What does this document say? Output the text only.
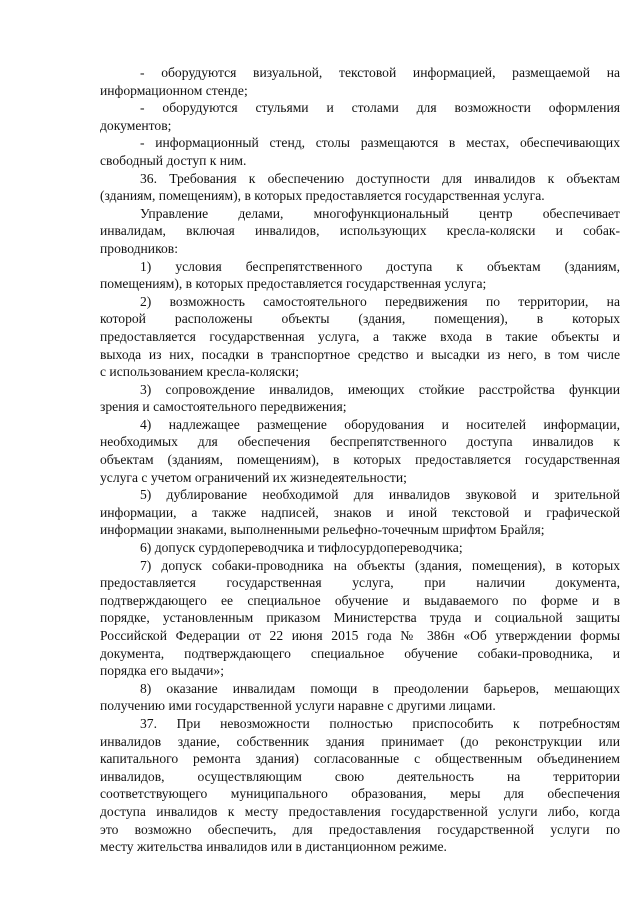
- оборудуются визуальной, текстовой информацией, размещаемой на
информационном стенде;
- оборудуются стульями и столами для возможности оформления
документов;
- информационный стенд, столы размещаются в местах, обеспечивающих
свободный доступ к ним.
36. Требования к обеспечению доступности для инвалидов к объектам
(зданиям, помещениям), в которых предоставляется государственная услуга.
Управление делами, многофункциональный центр обеспечивает
инвалидам, включая инвалидов, использующих кресла-коляски и собак-
проводников:
1) условия беспрепятственного доступа к объектам (зданиям,
помещениям), в которых предоставляется государственная услуга;
2) возможность самостоятельного передвижения по территории, на
которой расположены объекты (здания, помещения), в которых
предоставляется государственная услуга, а также входа в такие объекты и
выхода из них, посадки в транспортное средство и высадки из него, в том числе
с использованием кресла-коляски;
3) сопровождение инвалидов, имеющих стойкие расстройства функции
зрения и самостоятельного передвижения;
4) надлежащее размещение оборудования и носителей информации,
необходимых для обеспечения беспрепятственного доступа инвалидов к
объектам (зданиям, помещениям), в которых предоставляется государственная
услуга с учетом ограничений их жизнедеятельности;
5) дублирование необходимой для инвалидов звуковой и зрительной
информации, а также надписей, знаков и иной текстовой и графической
информации знаками, выполненными рельефно-точечным шрифтом Брайля;
6) допуск сурдопереводчика и тифлосурдопереводчика;
7) допуск собаки-проводника на объекты (здания, помещения), в которых
предоставляется государственная услуга, при наличии документа,
подтверждающего ее специальное обучение и выдаваемого по форме и в
порядке, установленным приказом Министерства труда и социальной защиты
Российской Федерации от 22 июня 2015 года № 386н «Об утверждении формы
документа, подтверждающего специальное обучение собаки-проводника, и
порядка его выдачи»;
8) оказание инвалидам помощи в преодолении барьеров, мешающих
получению ими государственной услуги наравне с другими лицами.
37. При невозможности полностью приспособить к потребностям
инвалидов здание, собственник здания принимает (до реконструкции или
капитального ремонта здания) согласованные с общественным объединением
инвалидов, осуществляющим свою деятельность на территории
соответствующего муниципального образования, меры для обеспечения
доступа инвалидов к месту предоставления государственной услуги либо, когда
это возможно обеспечить, для предоставления государственной услуги по
месту жительства инвалидов или в дистанционном режиме.
